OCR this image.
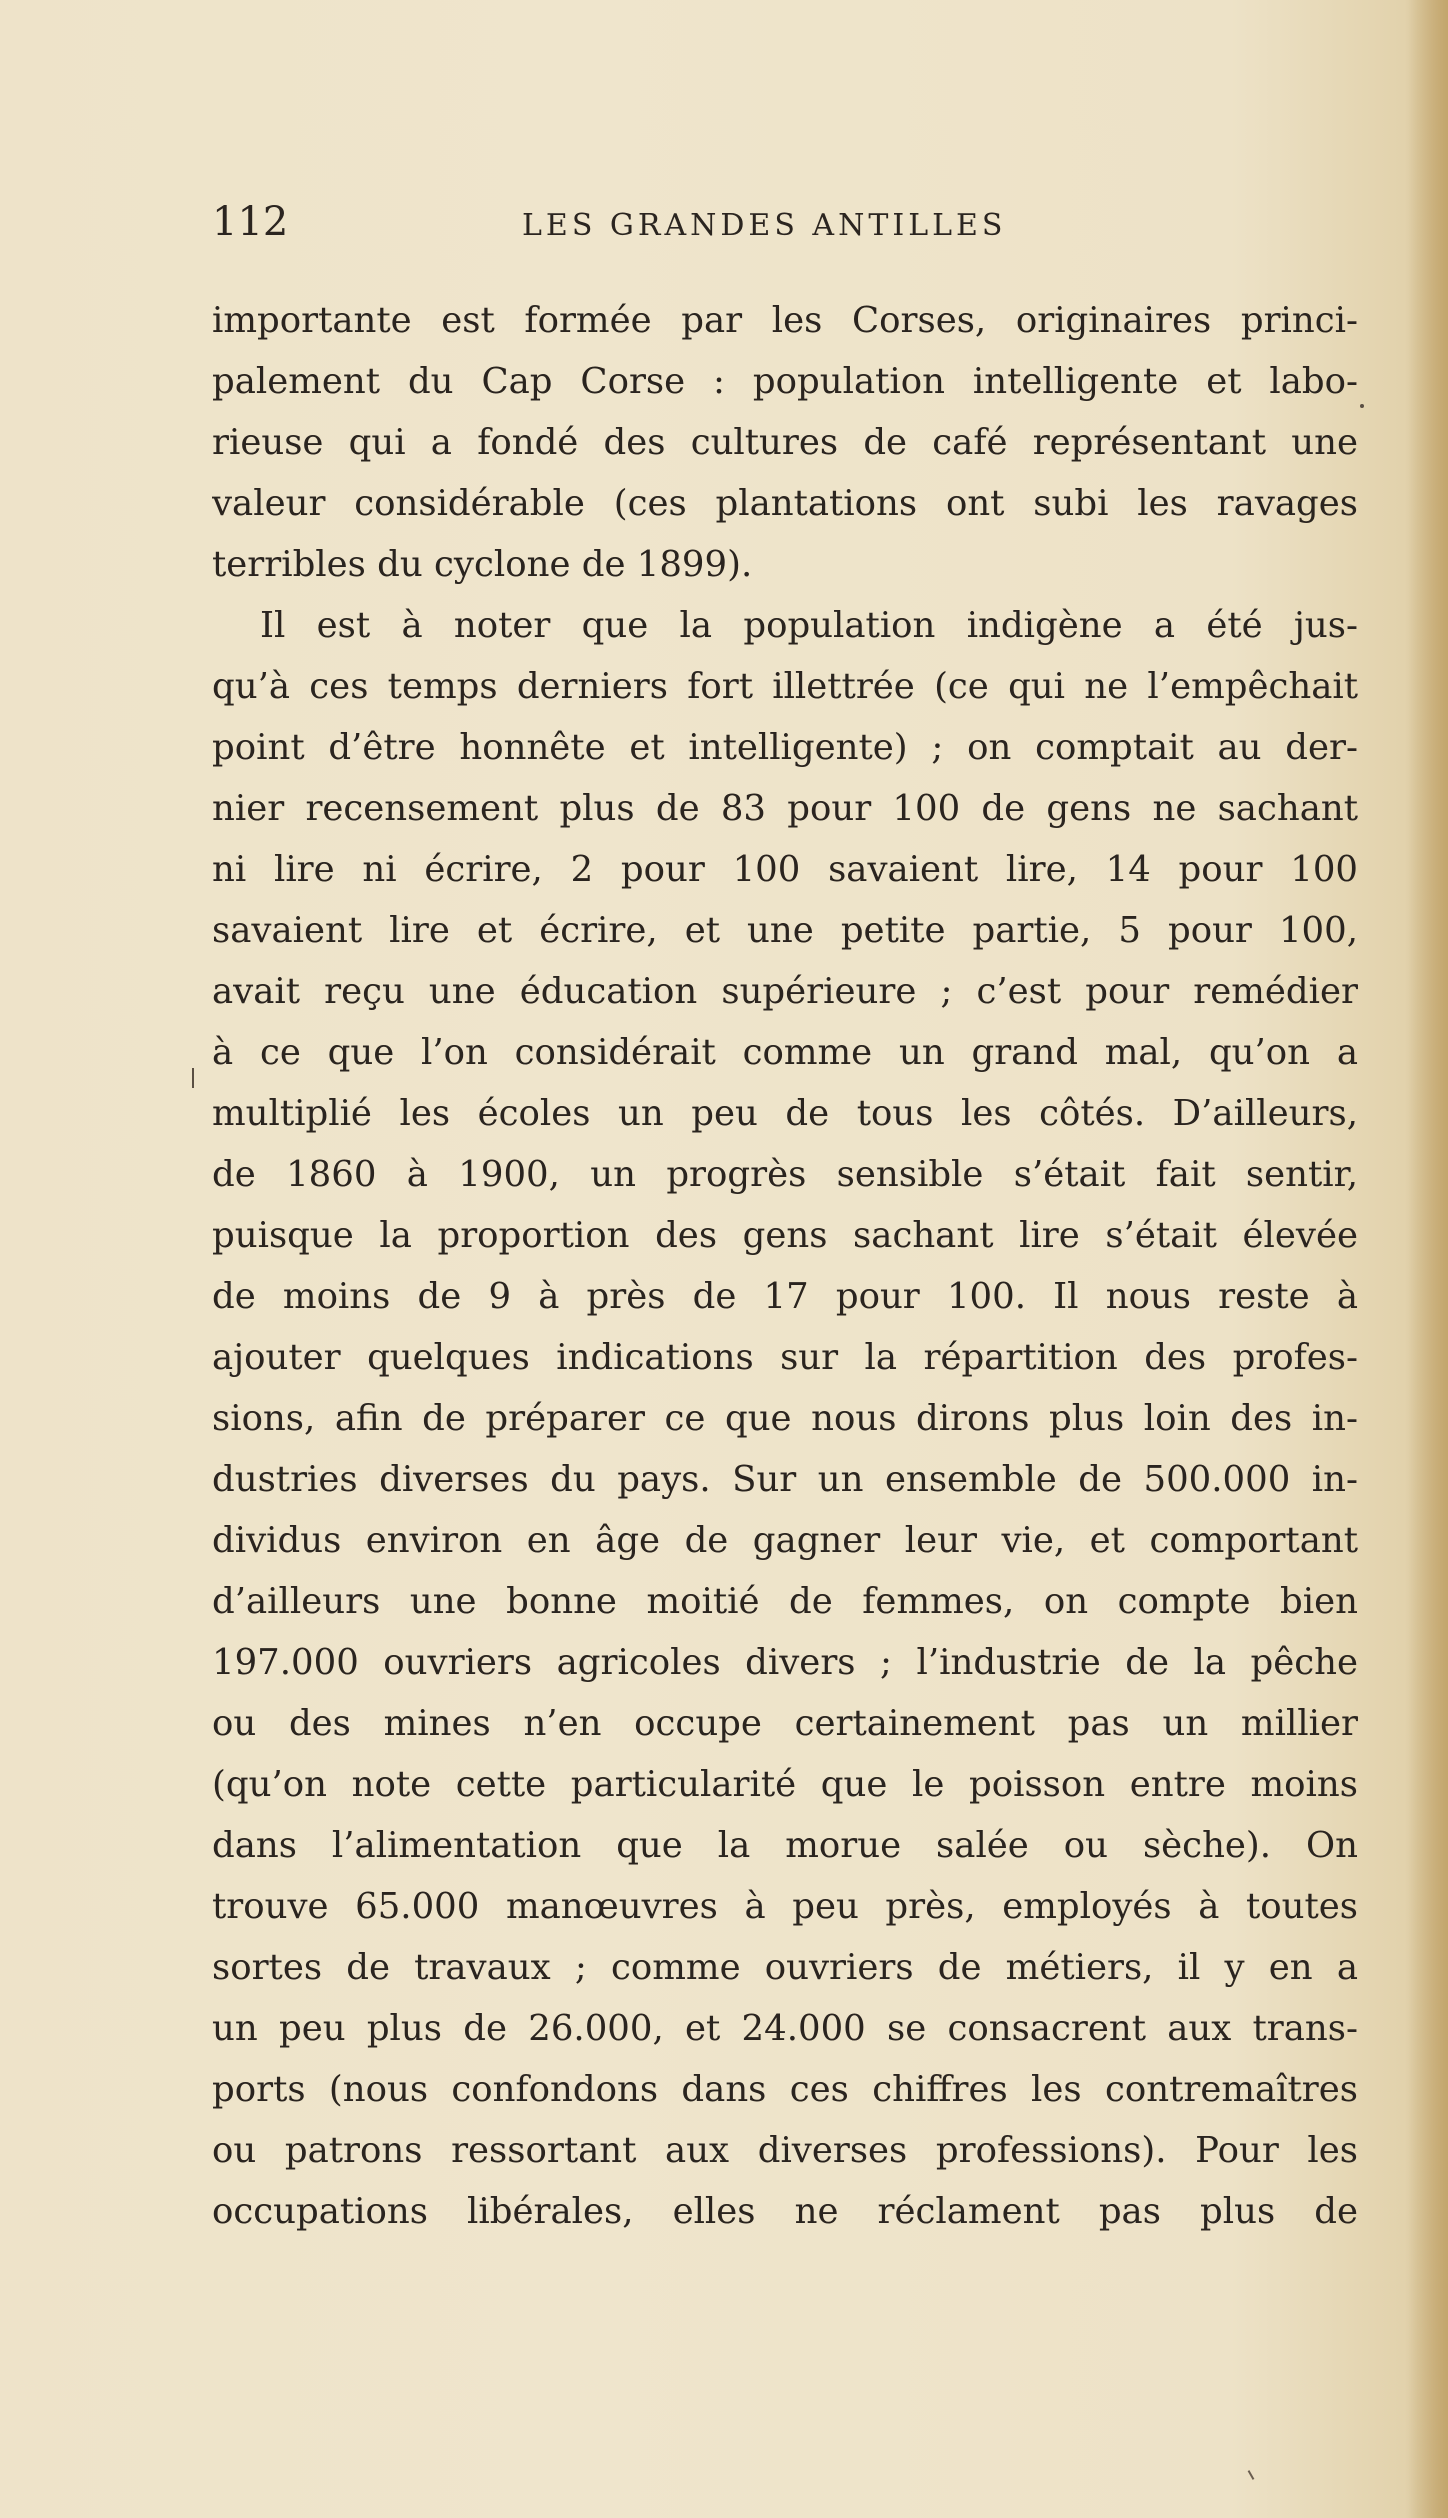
112	LES GRANDES ANTILLES

importante est formée par les Corses, originaires princi-

palement du Cap Corse : population intelligente et labo-

rieuse qui a fondé des cultures de café représentant une

valeur considérable (ces plantations ont subi les ravages

terribles du cyclone de 1899).

Il est à noter que la population indigène a été jus-

qu’à ces temps derniers fort illettrée (ce qui ne l’empêchait

point d’être honnête et intelligente) ; on comptait au der-

nier recensement plus de 83 pour 100 de gens ne sachant

ni lire ni écrire, 2 pour 100 savaient lire, 14 pour 100

savaient lire et écrire, et une petite partie, 5 pour 100,

avait reçu une éducation supérieure ; c’est pour remédier

à ce que l’on considérait comme un grand mal, qu’on a

multiplié les écoles un peu de tous les côtés. D’ailleurs,

de 1860 à 1900, un progrès sensible s’était fait sentir,

puisque la proportion des gens sachant lire s’était élevée

de moins de 9 à près de 17 pour 100. Il nous reste à

ajouter quelques indications sur la répartition des profes-

sions, afin de préparer ce que nous dirons plus loin des in-

dustries diverses du pays. Sur un ensemble de 500.000 in-

dividus environ en âge de gagner leur vie, et comportant

d’ailleurs une bonne moitié de femmes, on compte bien

197.000 ouvriers agricoles divers ; l’industrie de la pêche

ou des mines n’en occupe certainement pas un millier

(qu’on note cette particularité que le poisson entre moins

dans l’alimentation que la morue salée ou sèche). On

trouve 65.000 manœuvres à peu près, employés à toutes

sortes de travaux ; comme ouvriers de métiers, il y en a

un peu plus de 26.000, et 24.000 se consacrent aux trans-

ports (nous confondons dans ces chiffres les contremaîtres

ou patrons ressortant aux diverses professions). Pour les

occupations libérales, elles ne réclament pas plus de
